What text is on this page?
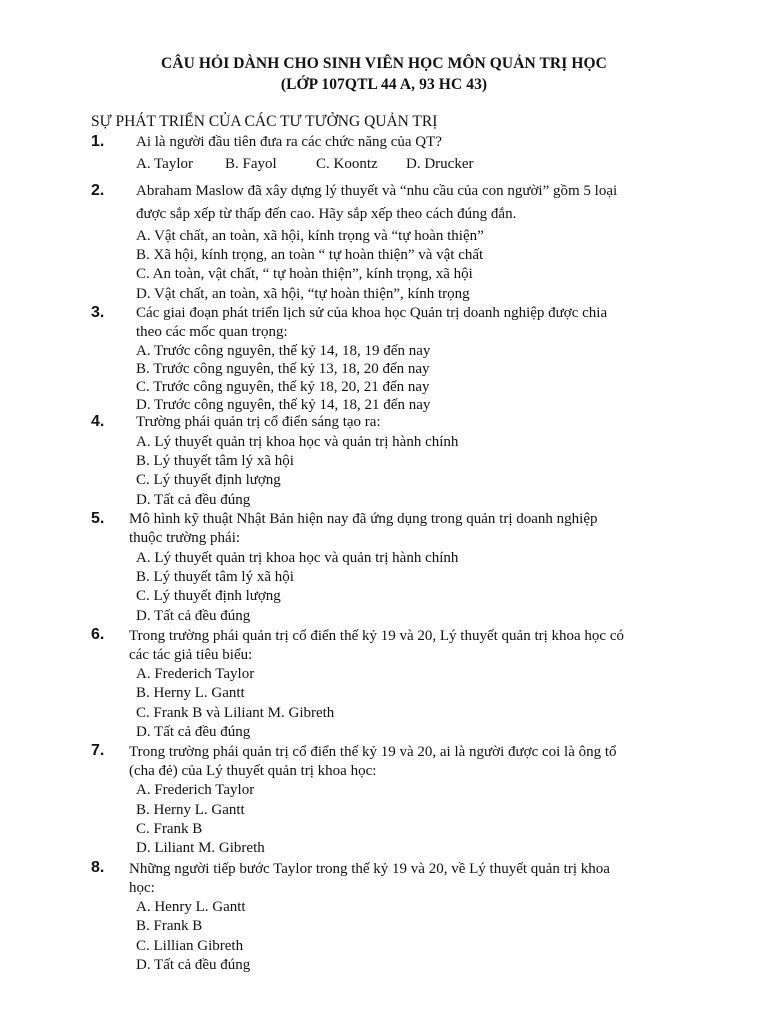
CÂU HỎI DÀNH CHO SINH VIÊN HỌC MÔN QUẢN TRỊ HỌC
(LỚP 107QTL 44 A, 93 HC 43)
SỰ PHÁT TRIỂN CỦA CÁC TƯ TƯỞNG QUẢN TRỊ
1. Ai là người đầu tiên đưa ra các chức năng của QT?
A. Taylor B. Fayol	C. Koontz D. Drucker
2. Abraham Maslow đã xây dựng lý thuyết và “nhu cầu của con người” gồm 5 loại
được sắp xếp từ thấp đến cao. Hãy sắp xếp theo cách đúng đắn.
A. Vật chất, an toàn, xã hội, kính trọng và “tự hoàn thiện”
B. Xã hội, kính trọng, an toàn “ tự hoàn thiện” và vật chất
C. An toàn, vật chất, “ tự hoàn thiện”, kính trọng, xã hội
D. Vật chất, an toàn, xã hội, “tự hoàn thiện”, kính trọng
3. Các giai đoạn phát triển lịch sử của khoa học Quản trị doanh nghiệp được chia
theo các mốc quan trọng:
A. Trước công nguyên, thế kỷ 14, 18, 19 đến nay
B. Trước công nguyên, thế kỷ 13, 18, 20 đến nay
C. Trước công nguyên, thế kỷ 18, 20, 21 đến nay
D. Trước công nguyên, thế kỷ 14, 18, 21 đến nay
4. Trường phái quản trị cổ điển sáng tạo ra:
A. Lý thuyết quản trị khoa học và quản trị hành chính
B. Lý thuyết tâm lý xã hội
C. Lý thuyết định lượng
D. Tất cả đều đúng
5. Mô hình kỹ thuật Nhật Bản hiện nay đã ứng dụng trong quản trị doanh nghiệp
thuộc trường phái:
A. Lý thuyết quản trị khoa học và quản trị hành chính
B. Lý thuyết tâm lý xã hội
C. Lý thuyết định lượng
D. Tất cả đều đúng
6. Trong trường phái quản trị cổ điển thế kỷ 19 và 20, Lý thuyết quản trị khoa học có
các tác giả tiêu biểu:
A. Frederich Taylor
B. Herny L. Gantt
C. Frank B và Liliant M. Gibreth
D. Tất cả đều đúng
7. Trong trường phái quản trị cổ điển thế kỷ 19 và 20, ai là người được coi là ông tổ
(cha đẻ) của Lý thuyết quản trị khoa học:
A. Frederich Taylor
B. Herny L. Gantt
C. Frank B
D. Liliant M. Gibreth
8. Những người tiếp bước Taylor trong thế kỷ 19 và 20, về Lý thuyết quản trị khoa
học:
A. Henry L. Gantt
B. Frank B
C. Lillian Gibreth
D. Tất cả đều đúng
